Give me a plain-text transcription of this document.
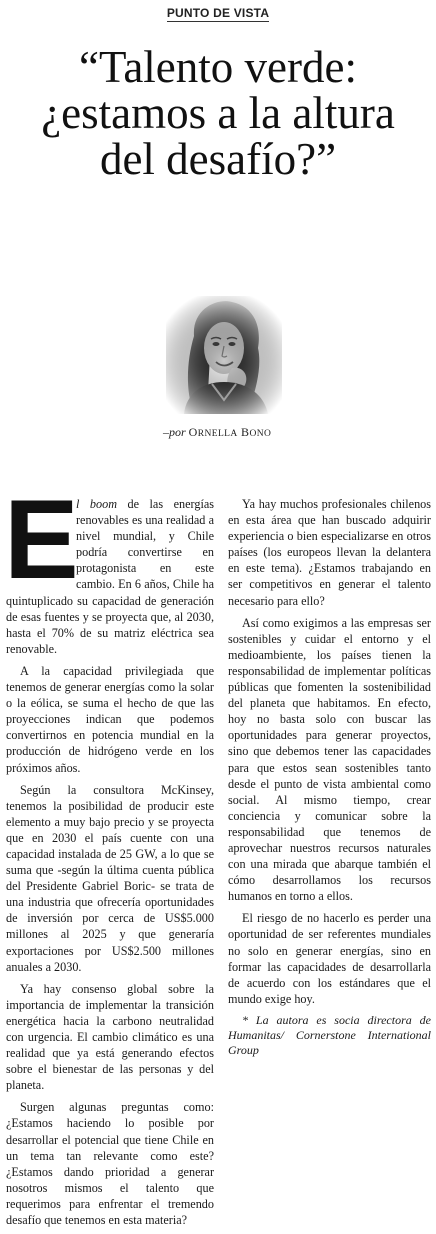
PUNTO DE VISTA
“Talento verde:
¿estamos a la altura
del desafío?”
–por ORNELLA BONO

E
l boom de las energías renovables es una realidad a nivel mundial, y Chile podría convertirse en protagonista en este cambio. En 6 años, Chile ha quintuplicado su capacidad de generación de esas fuentes y se proyecta que, al 2030, hasta el 70% de su matriz eléctrica sea renovable.

A la capacidad privilegiada que tenemos de generar energías como la solar o la eólica, se suma el hecho de que las proyecciones indican que podemos convertirnos en potencia mundial en la producción de hidrógeno verde en los próximos años.

Según la consultora McKinsey, tenemos la posibilidad de producir este elemento a muy bajo precio y se proyecta que en 2030 el país cuente con una capacidad instalada de 25 GW, a lo que se suma que -según la última cuenta pública del Presidente Gabriel Boric- se trata de una industria que ofrecería oportunidades de inversión por cerca de US$5.000 millones al 2025 y que generaría exportaciones por US$2.500 millones anuales a 2030.

Ya hay consenso global sobre la importancia de implementar la transición energética hacia la carbono neutralidad con urgencia. El cambio climático es una realidad que ya está generando efectos sobre el bienestar de las personas y del planeta.

Surgen algunas preguntas como: ¿Estamos haciendo lo posible por desarrollar el potencial que tiene Chile en un tema tan relevante como este? ¿Estamos dando prioridad a generar nosotros mismos el talento que requerimos para enfrentar el tremendo desafío que tenemos en esta materia?

Ya hay muchos profesionales chilenos en esta área que han buscado adquirir experiencia o bien especializarse en otros países (los europeos llevan la delantera en este tema). ¿Estamos trabajando en ser competitivos en generar el talento necesario para ello?

Así como exigimos a las empresas ser sostenibles y cuidar el entorno y el medioambiente, los países tienen la responsabilidad de implementar políticas públicas que fomenten la sostenibilidad del planeta que habitamos. En efecto, hoy no basta solo con buscar las oportunidades para generar proyectos, sino que debemos tener las capacidades para que estos sean sostenibles tanto desde el punto de vista ambiental como social. Al mismo tiempo, crear conciencia y comunicar sobre la responsabilidad que tenemos de aprovechar nuestros recursos naturales con una mirada que abarque también el cómo desarrollamos los recursos humanos en torno a ellos.

El riesgo de no hacerlo es perder una oportunidad de ser referentes mundiales no solo en generar energías, sino en formar las capacidades de desarrollarla de acuerdo con los estándares que el mundo exige hoy.

* La autora es socia directora de Humanitas/ Cornerstone International Group
